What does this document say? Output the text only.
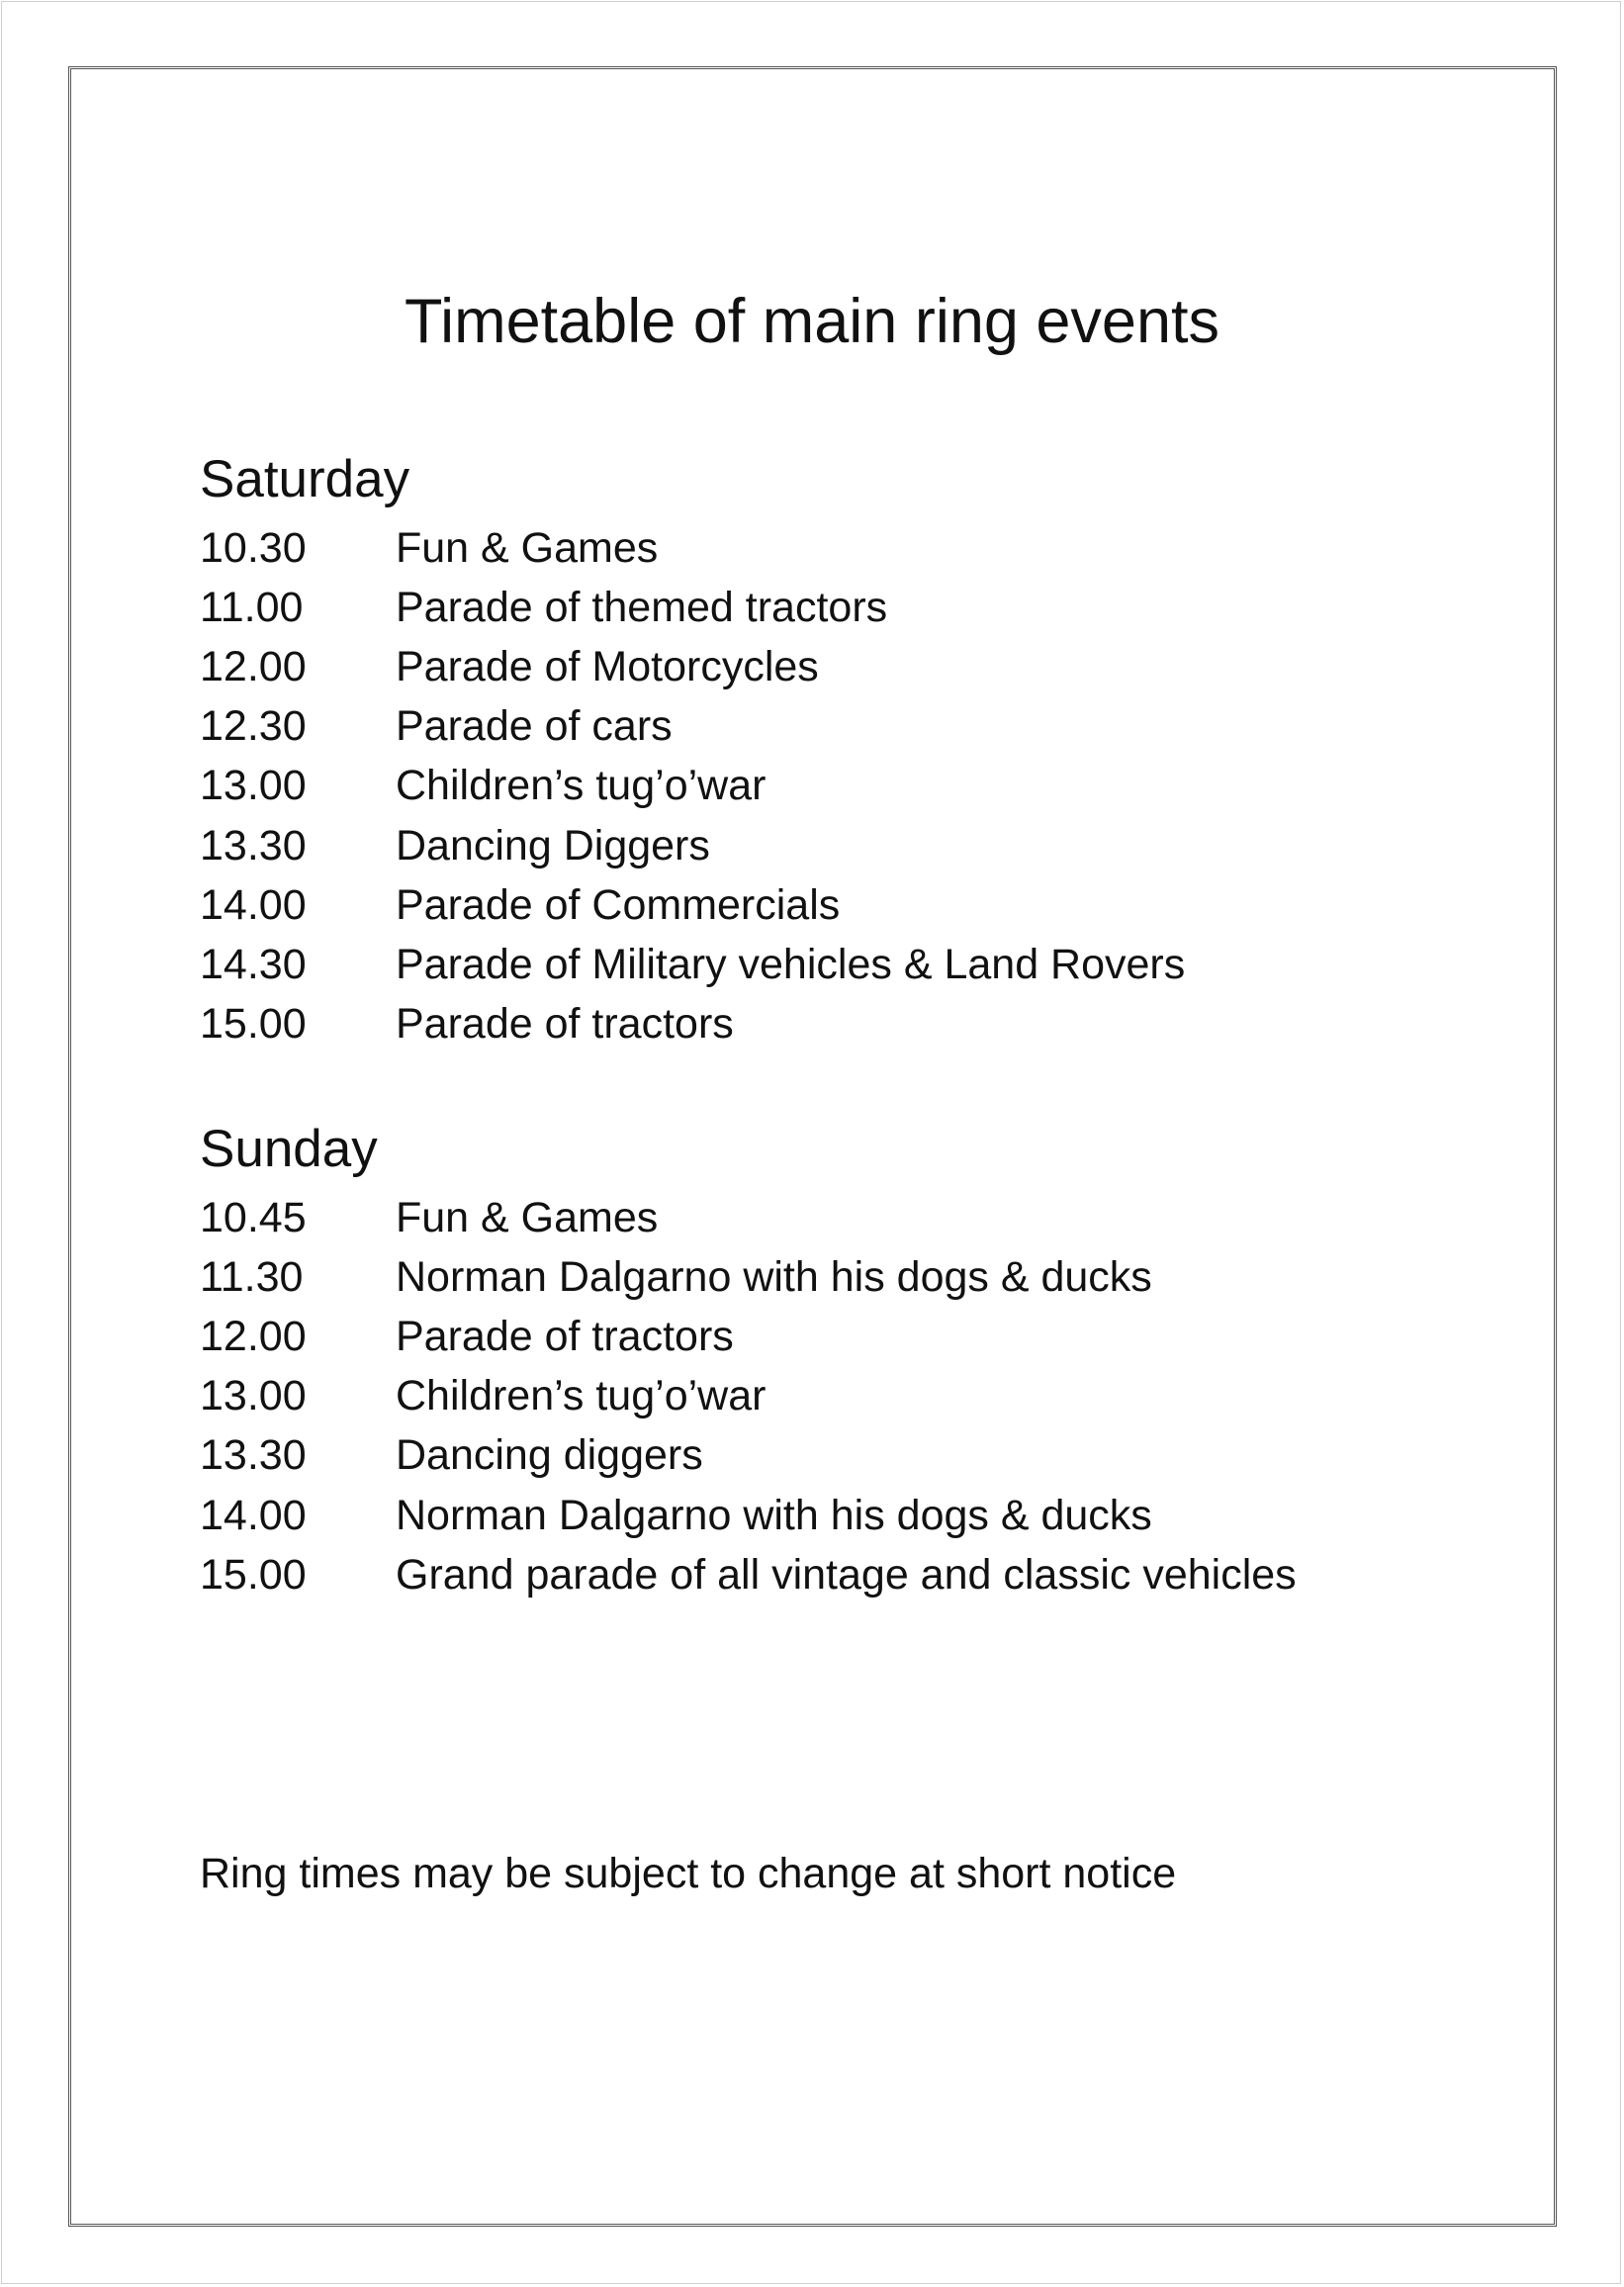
Timetable of main ring events
Saturday
10.30	Fun & Games
11.00	Parade of themed tractors
12.00	Parade of Motorcycles
12.30	Parade of cars
13.00	Children’s tug’o’war
13.30	Dancing Diggers
14.00	Parade of Commercials
14.30	Parade of Military vehicles & Land Rovers
15.00	Parade of tractors
Sunday
10.45	Fun & Games
11.30	Norman Dalgarno with his dogs & ducks
12.00	Parade of tractors
13.00	Children’s tug’o’war
13.30	Dancing diggers
14.00	Norman Dalgarno with his dogs & ducks
15.00	Grand parade of all vintage and classic vehicles

Ring times may be subject to change at short notice
